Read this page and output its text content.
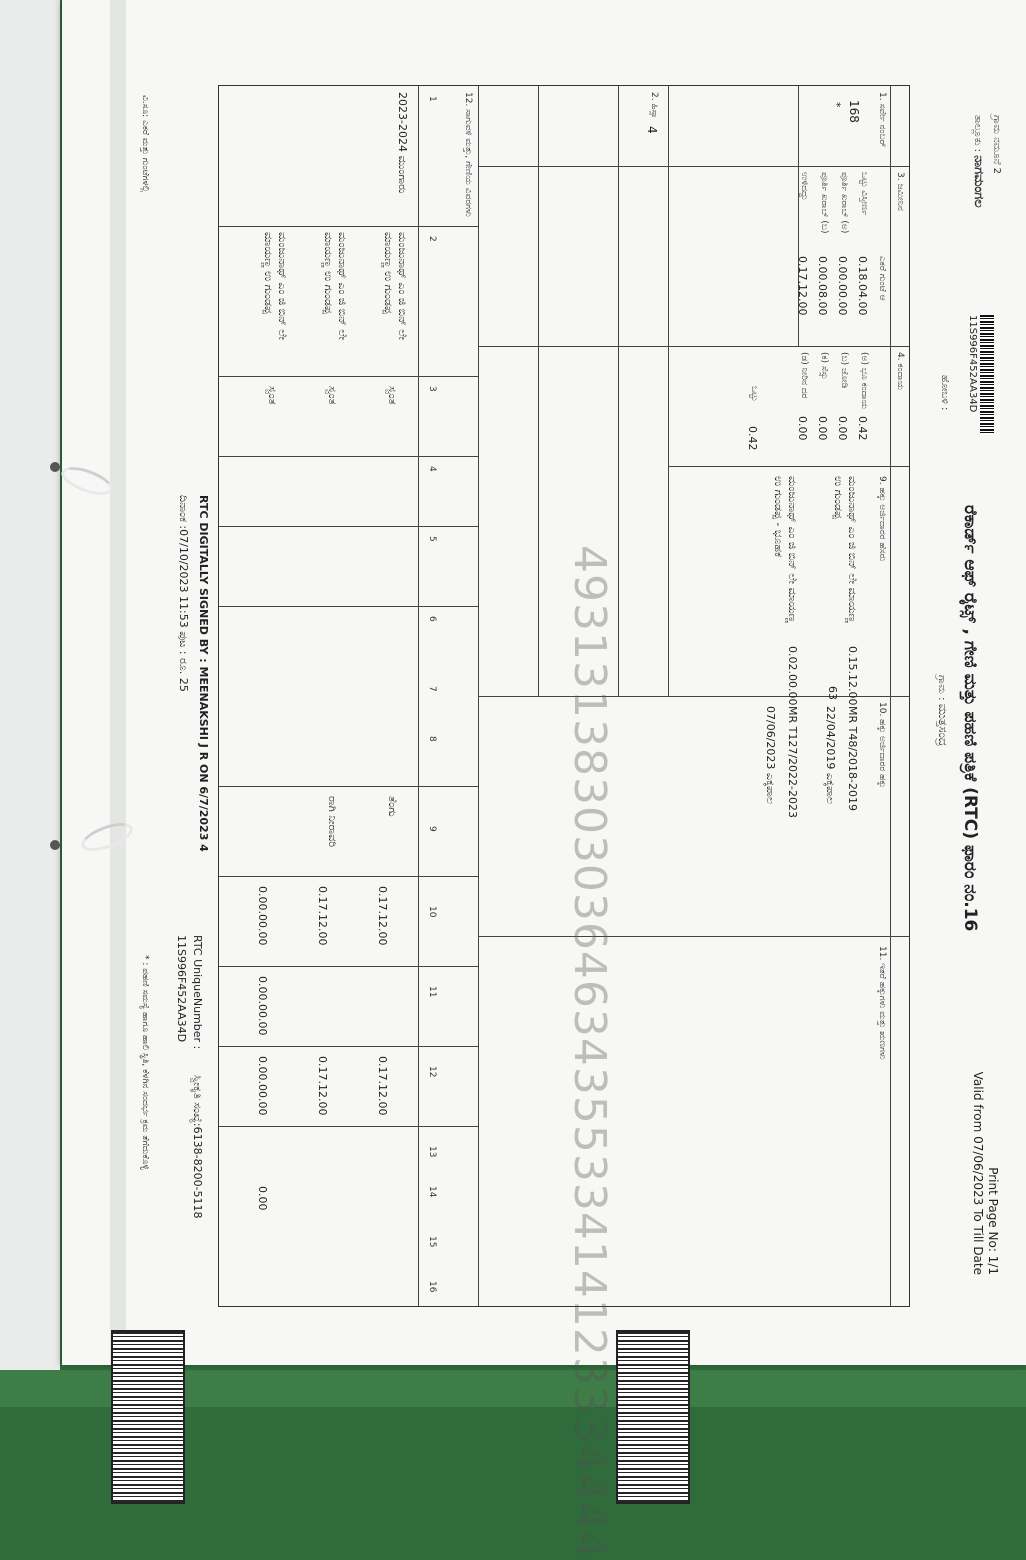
ಗ್ರಾಮ ನಮೂನೆ 2
ತಾಲ್ಲೂಕು : ನಾಗಮಂಗಲ
11S996F452AA34D
ರೆಕಾರ್ಡ್ ಆಫ್ ರೈಟ್ಸ್ , ಗೇಣಿ ಮತ್ತು ಪಹಣಿ ಪತ್ರಿಕೆ (RTC) ಫಾರಂ ನಂ.16
ಹೋಬಳಿ :
ಗ್ರಾಮ : ಮುತ್ತಸಂದ್ರ
Print Page No: 1/1
Valid from 07/06/2023 To Till Date
1. ಸರ್ವೇ ನಂಬರ್
168
*
2. ಹಿಸ್ಸಾ
4
3. ಜಮೀನಿನ
ಎಕರೆ ಗುಂಟೆ ಆ
ಒಟ್ಟು ವಿಸ್ತೀರ್ಣ
0.18.04.00
ಪೂರ್ತಿ ಖರಾಬ್ (ಅ)
0.00.00.00
ಪೂರ್ತಿ ಖರಾಬ್ (ಬ)
0.00.08.00
ಉಳಿದದ್ದು
0.17.12.00
4. ಕಂದಾಯ
(ಅ) ಭೂ ಕಂದಾಯ
0.42
(ಬ) ಜೋಡಿ
0.00
(ಕ) ಸೆಸ್ಸು
0.00
(ಡ) ನೀರಿನ ದರ
0.00
ಒಟ್ಟು
0.42
9. ಹಕ್ಕು ಅರ್ಜಿದಾರರ ಹೆಸರು
ಮಂಜುನಾಥ್ ಎಂ ಜಿ ಬಿನ್ ಲೇ ಮಾಯಣ್ಣ ಉ ಗುಂಡಪ್ಪ
0.15.12.00
63
ಮಂಜುನಾಥ್ ಎಂ ಜಿ ಬಿನ್ ಲೇ ಮಾಯಣ್ಣ ಉ ಗುಂಡಪ್ಪ - ಭೂಹಕ
0.02.00.00
10. ಹಕ್ಕು ಅರ್ಜಿದಾರರ ಹಕ್ಕು
MR T48/2018-2019
22/04/2019 ಎಕ್ಕಪಾಲ
MR T127/2022-2023
07/06/2023 ಎಕ್ಕಪಾಲ
11. ಇತರೆ ಹಕ್ಕುಗಳು ಮತ್ತು ಋಣಗಳು
12. ಸಾಗುವಳಿ ಮತ್ತು, ಗೇಣಿಯ ವಿವರಗಳು
1
2
3
4
5
6
7
8
9
10
11
12
13
14
15
16
2023-2024 ಮುಂಗಾರು
ಮಂಜುನಾಥ್ ಎಂ ಜಿ ಬಿನ್ ಲೇ ಮಾಯಣ್ಣ ಉ ಗುಂಡಪ್ಪ
ಸ್ವಂತ
ತೆಂಗು
0.17.12.00
0.17.12.00
ಮಂಜುನಾಥ್ ಎಂ ಜಿ ಬಿನ್ ಲೇ ಮಾಯಣ್ಣ ಉ ಗುಂಡಪ್ಪ
ಸ್ವಂತ
ರಾಗಿ ನೀರಾವರಿ
0.17.12.00
0.17.12.00
ಮಂಜುನಾಥ್ ಎಂ ಜಿ ಬಿನ್ ಲೇ ಮಾಯಣ್ಣ ಉ ಗುಂಡಪ್ಪ
ಸ್ವಂತ
0.00.00.00
0.00.00.00
0.00.00.00
0.00	49313138303036463435533414123334444
RTC DIGITALLY SIGNED BY : MEENAKSHI J R ON 6/7/2023 4
ದಿನಾಂಕ :07/10/2023 11:53 ಪುಟ : ರೂ. 25
RTC UniqueNumber :
11S996F452AA34D
ಸ್ವೀಕೃತಿ ಸಂಖ್ಯೆ:6138-8200-5118
* : ಪಹಣಿ ಸಮಸ್ಯೆ ಹಾಗೂ ಹಾಲಿ ಸ್ಥಿತಿ, ಕೆಳಗಿನ ಸಂದರ್ಭ ಕ್ರಮ ತೆಗೆದುಕೊಳ್ಳಿ
ವಿ.ಸೂ: ಎಕರೆ ಮತ್ತು ಗುಂಟೆಗಳಲ್ಲಿ
